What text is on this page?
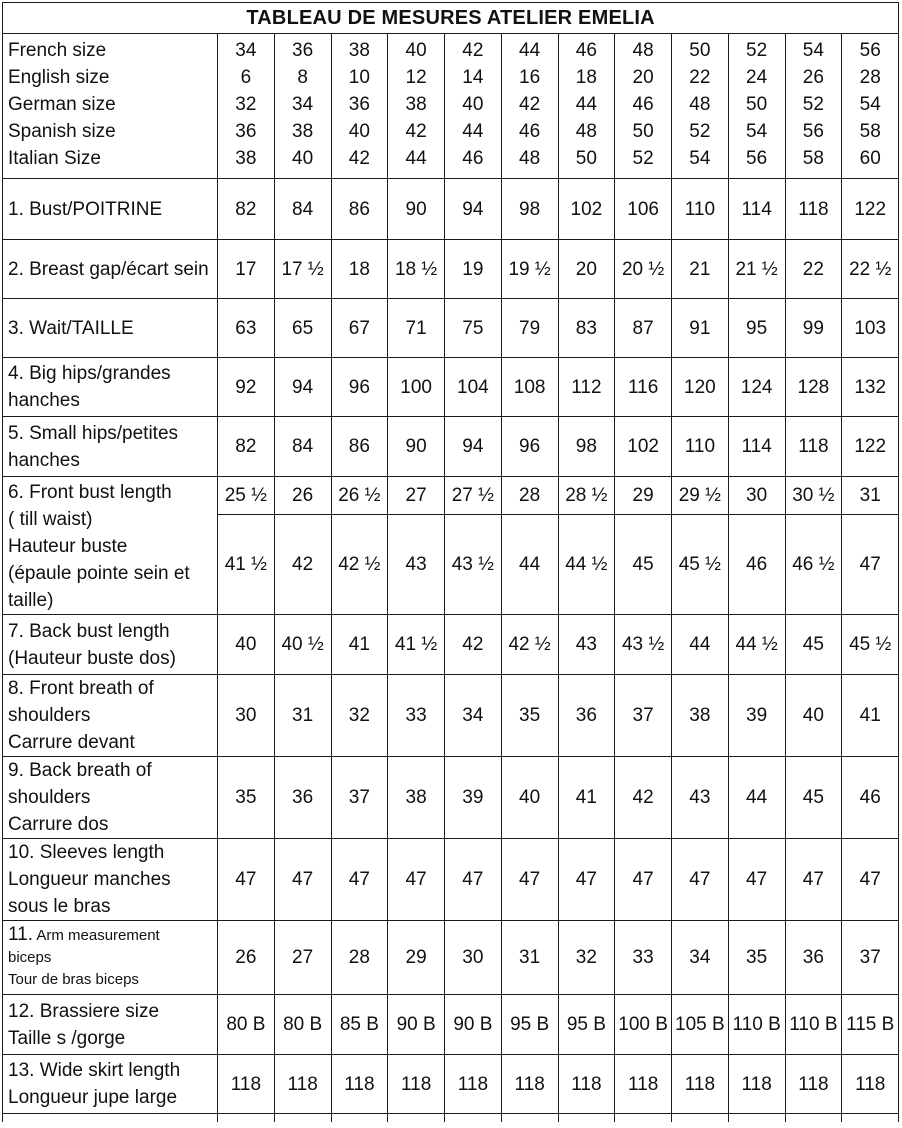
TABLEAU DE MESURES ATELIER EMELIA												
French size	34	36	38	40	42	44	46	48	50	52	54	56
English size	6	8	10	12	14	16	18	20	22	24	26	28
German size	32	34	36	38	40	42	44	46	48	50	52	54
Spanish size	36	38	40	42	44	46	48	50	52	54	56	58
Italian Size	38	40	42	44	46	48	50	52	54	56	58	60
1. Bust/POITRINE	82	84	86	90	94	98	102	106	110	114	118	122
2. Breast gap/écart sein	17	17 ½	18	18 ½	19	19 ½	20	20 ½	21	21 ½	22	22 ½
3. Wait/TAILLE	63	65	67	71	75	79	83	87	91	95	99	103
4. Big hips/grandes hanches	92	94	96	100	104	108	112	116	120	124	128	132
5. Small hips/petites hanches	82	84	86	90	94	96	98	102	110	114	118	122
6. Front bust length
( till waist)
Hauteur buste
(épaule pointe sein et taille)	25 ½	26	26 ½	27	27 ½	28	28 ½	29	29 ½	30	30 ½	31
	41 ½	42	42 ½	43	43 ½	44	44 ½	45	45 ½	46	46 ½	47
7. Back bust length
(Hauteur buste dos)	40	40 ½	41	41 ½	42	42 ½	43	43 ½	44	44 ½	45	45 ½
8. Front breath of
shoulders
Carrure devant	30	31	32	33	34	35	36	37	38	39	40	41
9. Back breath of
shoulders
Carrure dos	35	36	37	38	39	40	41	42	43	44	45	46
10. Sleeves length
Longueur manches
sous le bras	47	47	47	47	47	47	47	47	47	47	47	47
11. Arm measurement
biceps
Tour de bras biceps	26	27	28	29	30	31	32	33	34	35	36	37
12. Brassiere size
Taille s /gorge	80 B	80 B	85 B	90 B	90 B	95 B	95 B	100 B	105 B	110 B	110 B	115 B
13. Wide skirt length
Longueur jupe large	118	118	118	118	118	118	118	118	118	118	118	118
